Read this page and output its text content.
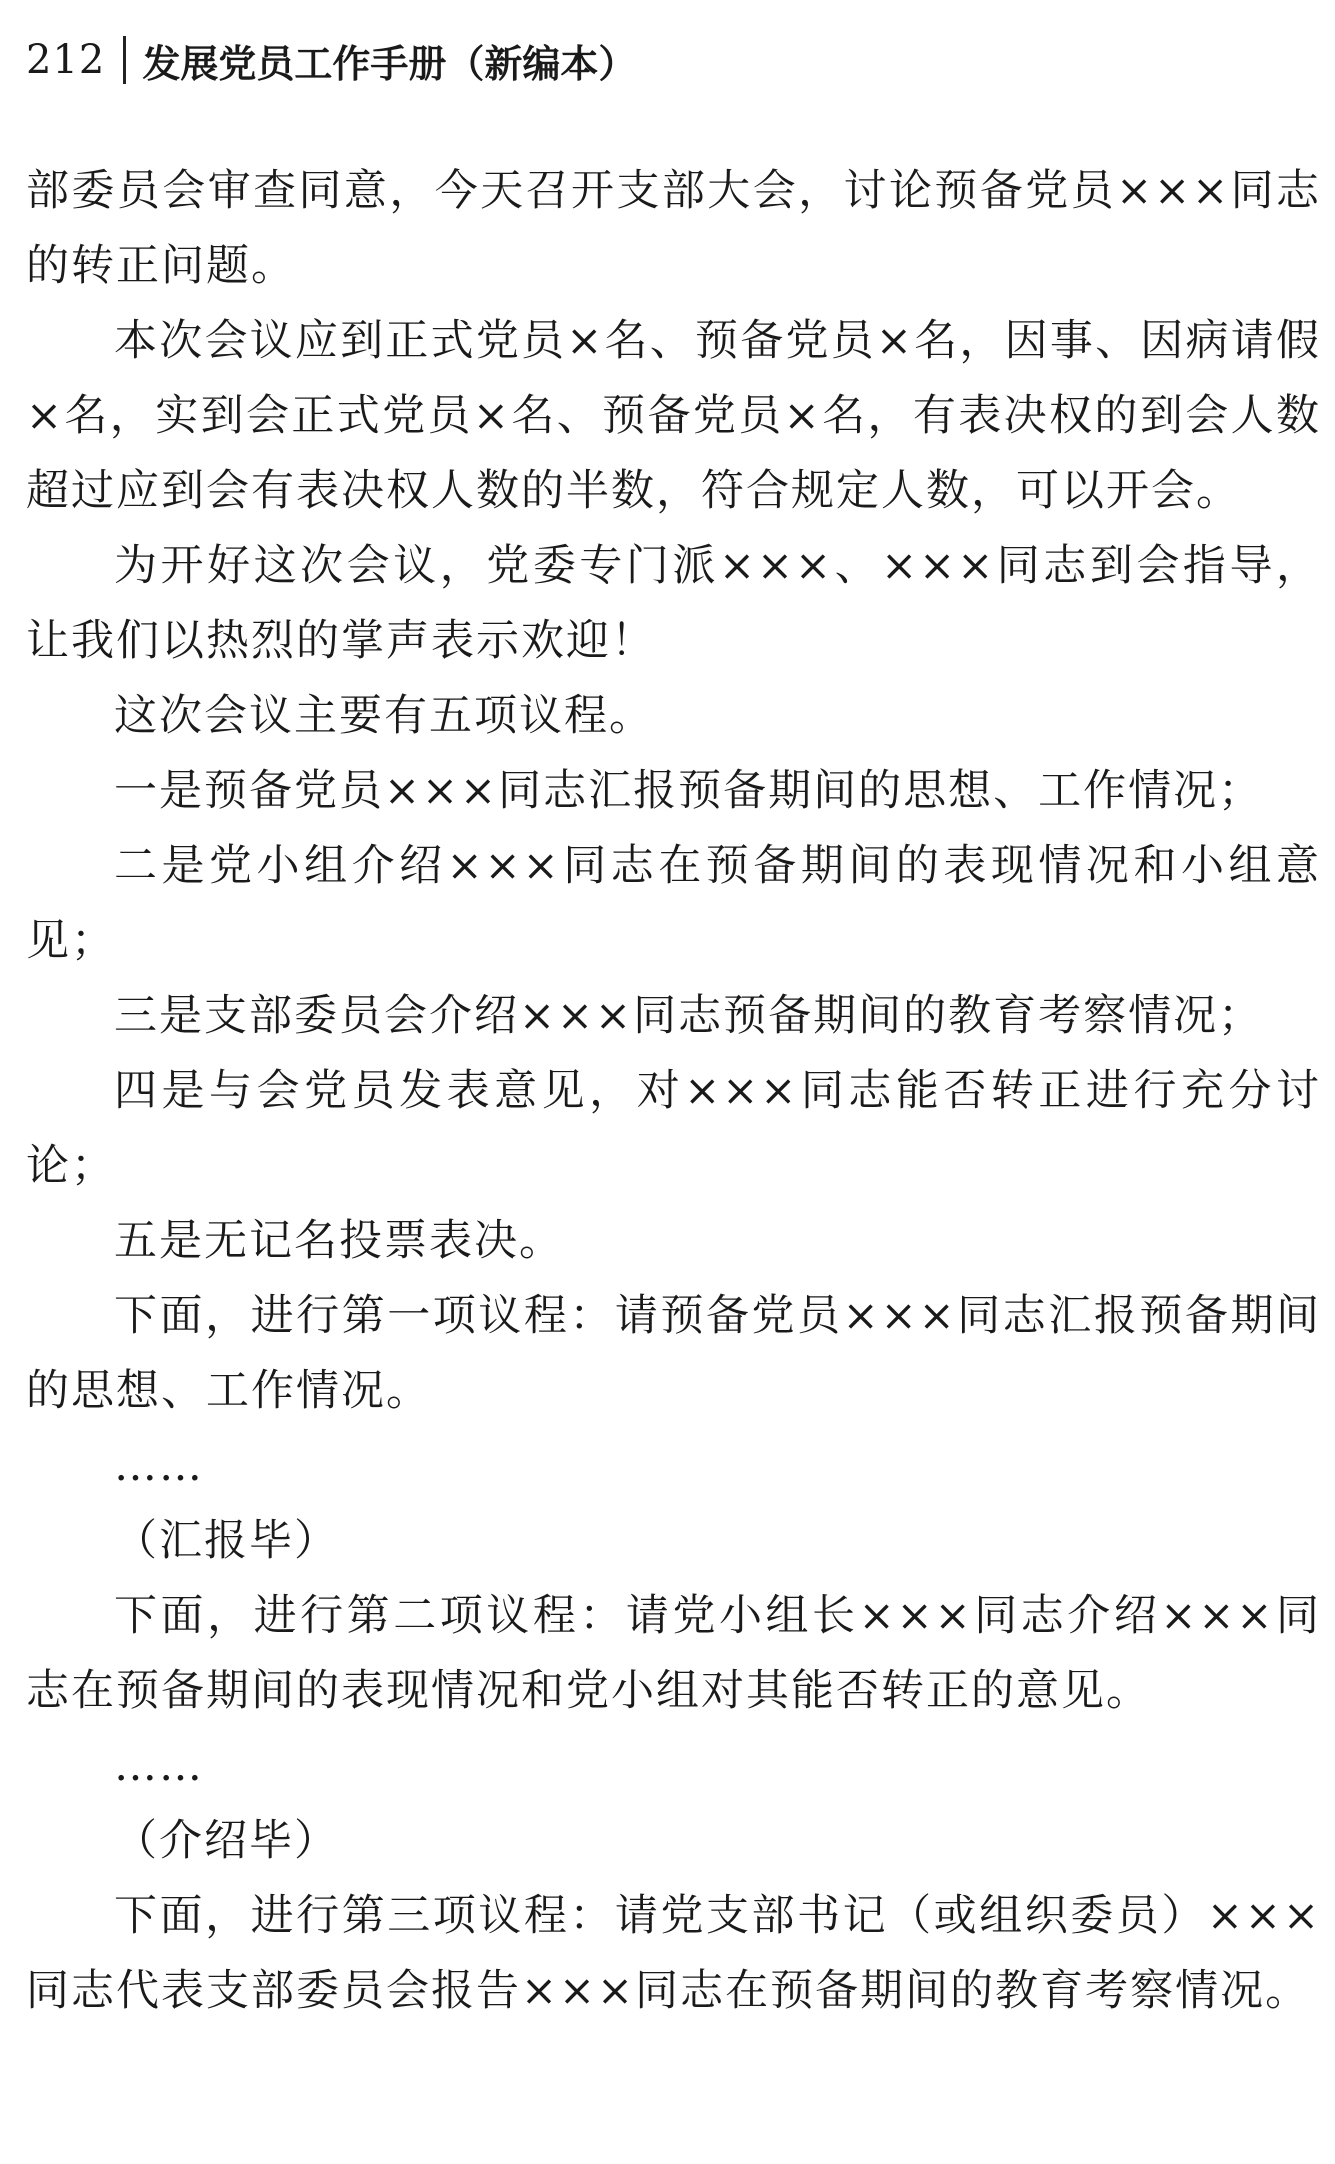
212 发展党员工作手册（新编本）

部委员会审查同意，今天召开支部大会，讨论预备党员×××同志的转正问题。

本次会议应到正式党员×名、预备党员×名，因事、因病请假×名，实到会正式党员×名、预备党员×名，有表决权的到会人数超过应到会有表决权人数的半数，符合规定人数，可以开会。

为开好这次会议，党委专门派×××、×××同志到会指导，让我们以热烈的掌声表示欢迎！

这次会议主要有五项议程。

一是预备党员×××同志汇报预备期间的思想、工作情况；

二是党小组介绍×××同志在预备期间的表现情况和小组意见；

三是支部委员会介绍×××同志预备期间的教育考察情况；

四是与会党员发表意见，对×××同志能否转正进行充分讨论；

五是无记名投票表决。

下面，进行第一项议程：请预备党员×××同志汇报预备期间的思想、工作情况。

……

（汇报毕）

下面，进行第二项议程：请党小组长×××同志介绍×××同志在预备期间的表现情况和党小组对其能否转正的意见。

……

（介绍毕）

下面，进行第三项议程：请党支部书记（或组织委员）×××同志代表支部委员会报告×××同志在预备期间的教育考察情况。
